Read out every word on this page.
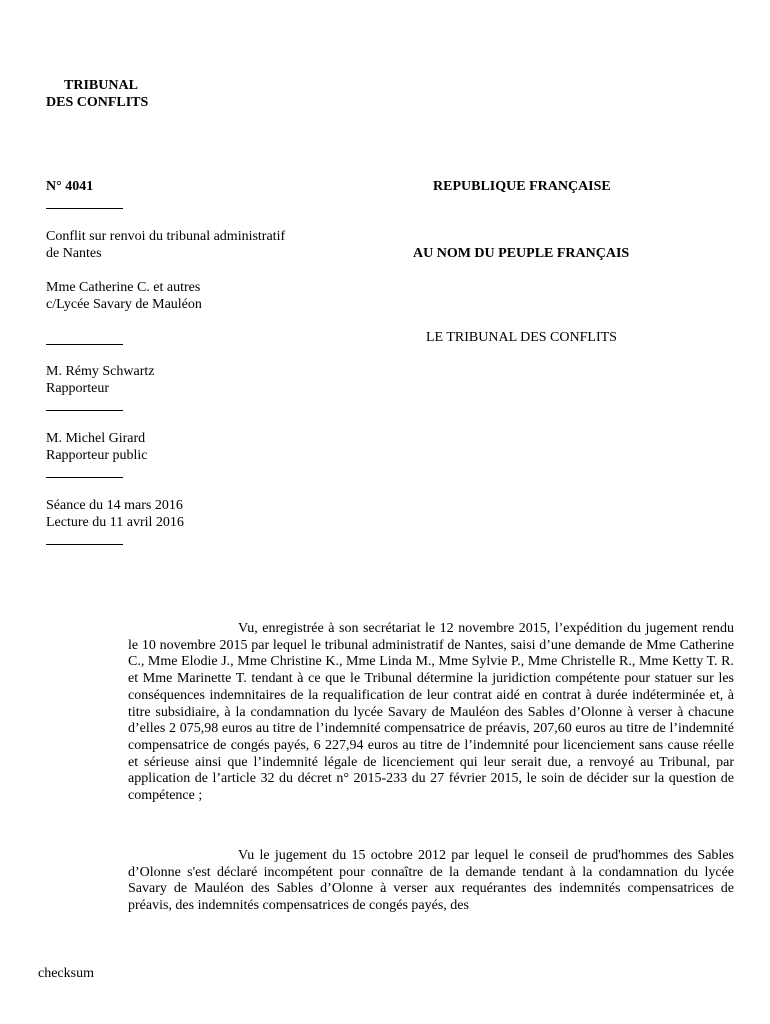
TRIBUNAL
DES CONFLITS
N° 4041
Conflit sur renvoi du tribunal administratif
de Nantes
Mme Catherine C. et autres
c/Lycée Savary de Mauléon
M. Rémy Schwartz
Rapporteur
M. Michel Girard
Rapporteur public
Séance du 14 mars 2016
Lecture du 11 avril 2016
REPUBLIQUE FRANÇAISE
AU NOM DU PEUPLE FRANÇAIS
LE TRIBUNAL DES CONFLITS
Vu, enregistrée à son secrétariat le 12 novembre 2015, l’expédition du jugement rendu le 10 novembre 2015 par lequel le tribunal administratif de Nantes, saisi d’une demande de Mme Catherine C., Mme Elodie J., Mme Christine K., Mme Linda M., Mme Sylvie P., Mme Christelle R., Mme Ketty T. R. et Mme Marinette T. tendant à ce que le Tribunal détermine la juridiction compétente pour statuer sur les conséquences indemnitaires de la requalification de leur contrat aidé en contrat à durée indéterminée et, à titre subsidiaire, à la condamnation du lycée Savary de Mauléon des Sables d’Olonne à verser à chacune d’elles 2 075,98 euros au titre de l’indemnité compensatrice de préavis, 207,60 euros au titre de l’indemnité compensatrice de congés payés, 6 227,94 euros au titre de l’indemnité pour licenciement sans cause réelle et sérieuse ainsi que l’indemnité légale de licenciement qui leur serait due, a renvoyé au Tribunal, par application de l’article 32 du décret n° 2015-233 du 27 février 2015, le soin de décider sur la question de compétence ;
Vu le jugement du 15 octobre 2012 par lequel le conseil de prud'hommes des Sables d’Olonne s'est déclaré incompétent pour connaître de la demande tendant à la condamnation du lycée Savary de Mauléon des Sables d’Olonne à verser aux requérantes des indemnités compensatrices de préavis, des indemnités compensatrices de congés payés, des
checksum
